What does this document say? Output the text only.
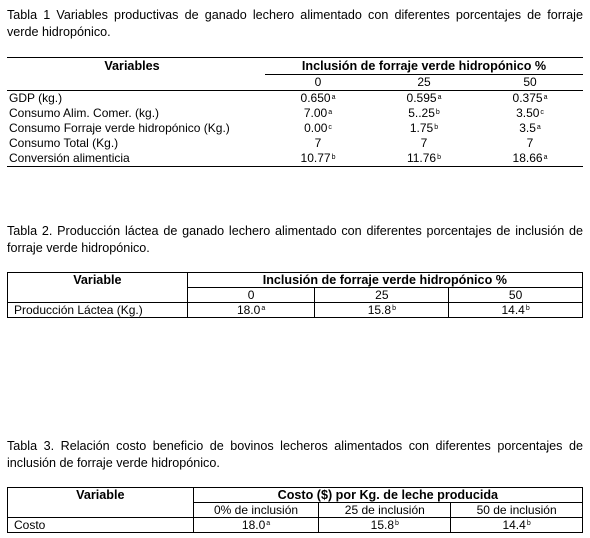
Tabla 1 Variables productivas de ganado lechero alimentado con diferentes porcentajes de forraje verde hidropónico.
Variables		Inclusión de forraje verde hidropónico %		
		0	25	50
GDP (kg.)		0.650$^a$	0.595$^a$	0.375$^a$
Consumo Alim. Comer. (kg.)		7.00$^a$	5..25$^b$	3.50$^c$
Consumo Forraje verde hidropónico (Kg.)		0.00$^c$	1.75$^b$	3.5$^a$
Consumo Total (Kg.)		7	7	7
Conversión alimenticia		10.77$^b$	11.76$^b$	18.66$^a$
Tabla 2. Producción láctea de ganado lechero alimentado con diferentes porcentajes de inclusión de forraje verde hidropónico.
Variable	Inclusión de forraje verde hidropónico %		
	0	25	50
Producción Láctea (Kg.)	18.0$^a$	15.8$^b$	14.4$^b$
Tabla 3. Relación costo beneficio de bovinos lecheros alimentados con diferentes porcentajes de inclusión de forraje verde hidropónico.
Variable	Costo ($) por Kg. de leche producida		
	0% de inclusión	25 de inclusión	50 de inclusión
Costo	18.0$^a$	15.8$^b$	14.4$^b$
